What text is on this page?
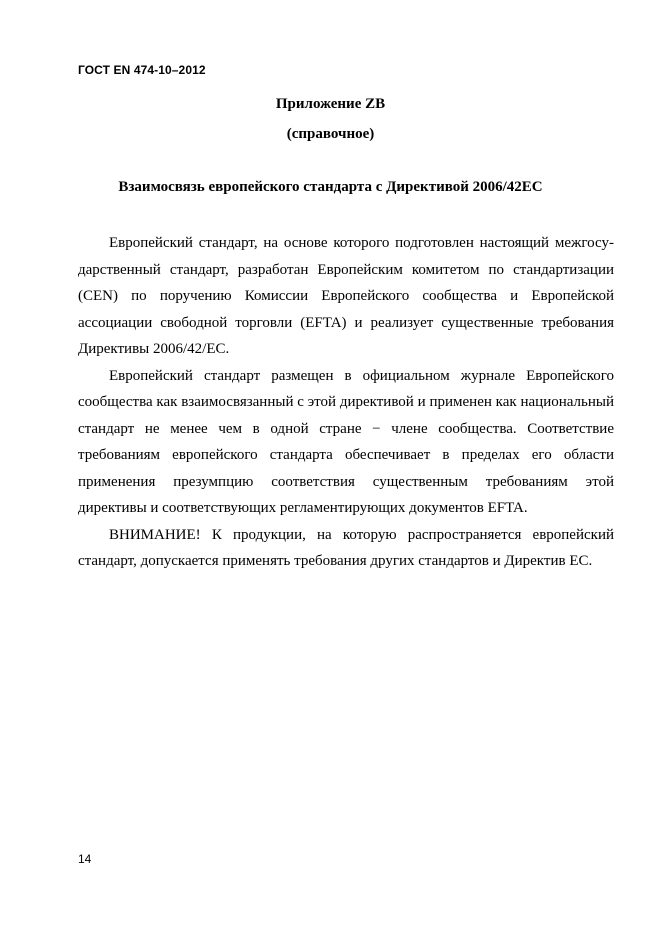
ГОСТ EN 474-10–2012
Приложение ZB
(справочное)
Взаимосвязь европейского стандарта с Директивой 2006/42ЕС

Европейский стандарт, на основе которого подготовлен настоящий межгосударственный стандарт, разработан Европейским комитетом по стандартизации (CEN) по поручению Комиссии Европейского сообщества и Европейской ассоциации свободной торговли (EFTA) и реализует существенные требования Директивы 2006/42/ЕС.

Европейский стандарт размещен в официальном журнале Европейского сообщества как взаимосвязанный с этой директивой и применен как национальный стандарт не менее чем в одной стране − члене сообщества. Соответствие требованиям европейского стандарта обеспечивает в пределах его области применения презумпцию соответствия существенным требованиям этой директивы и соответствующих регламентирующих документов EFTA.

ВНИМАНИЕ! К продукции, на которую распространяется европейский стандарт, допускается применять требования других стандартов и Директив ЕС.

14
